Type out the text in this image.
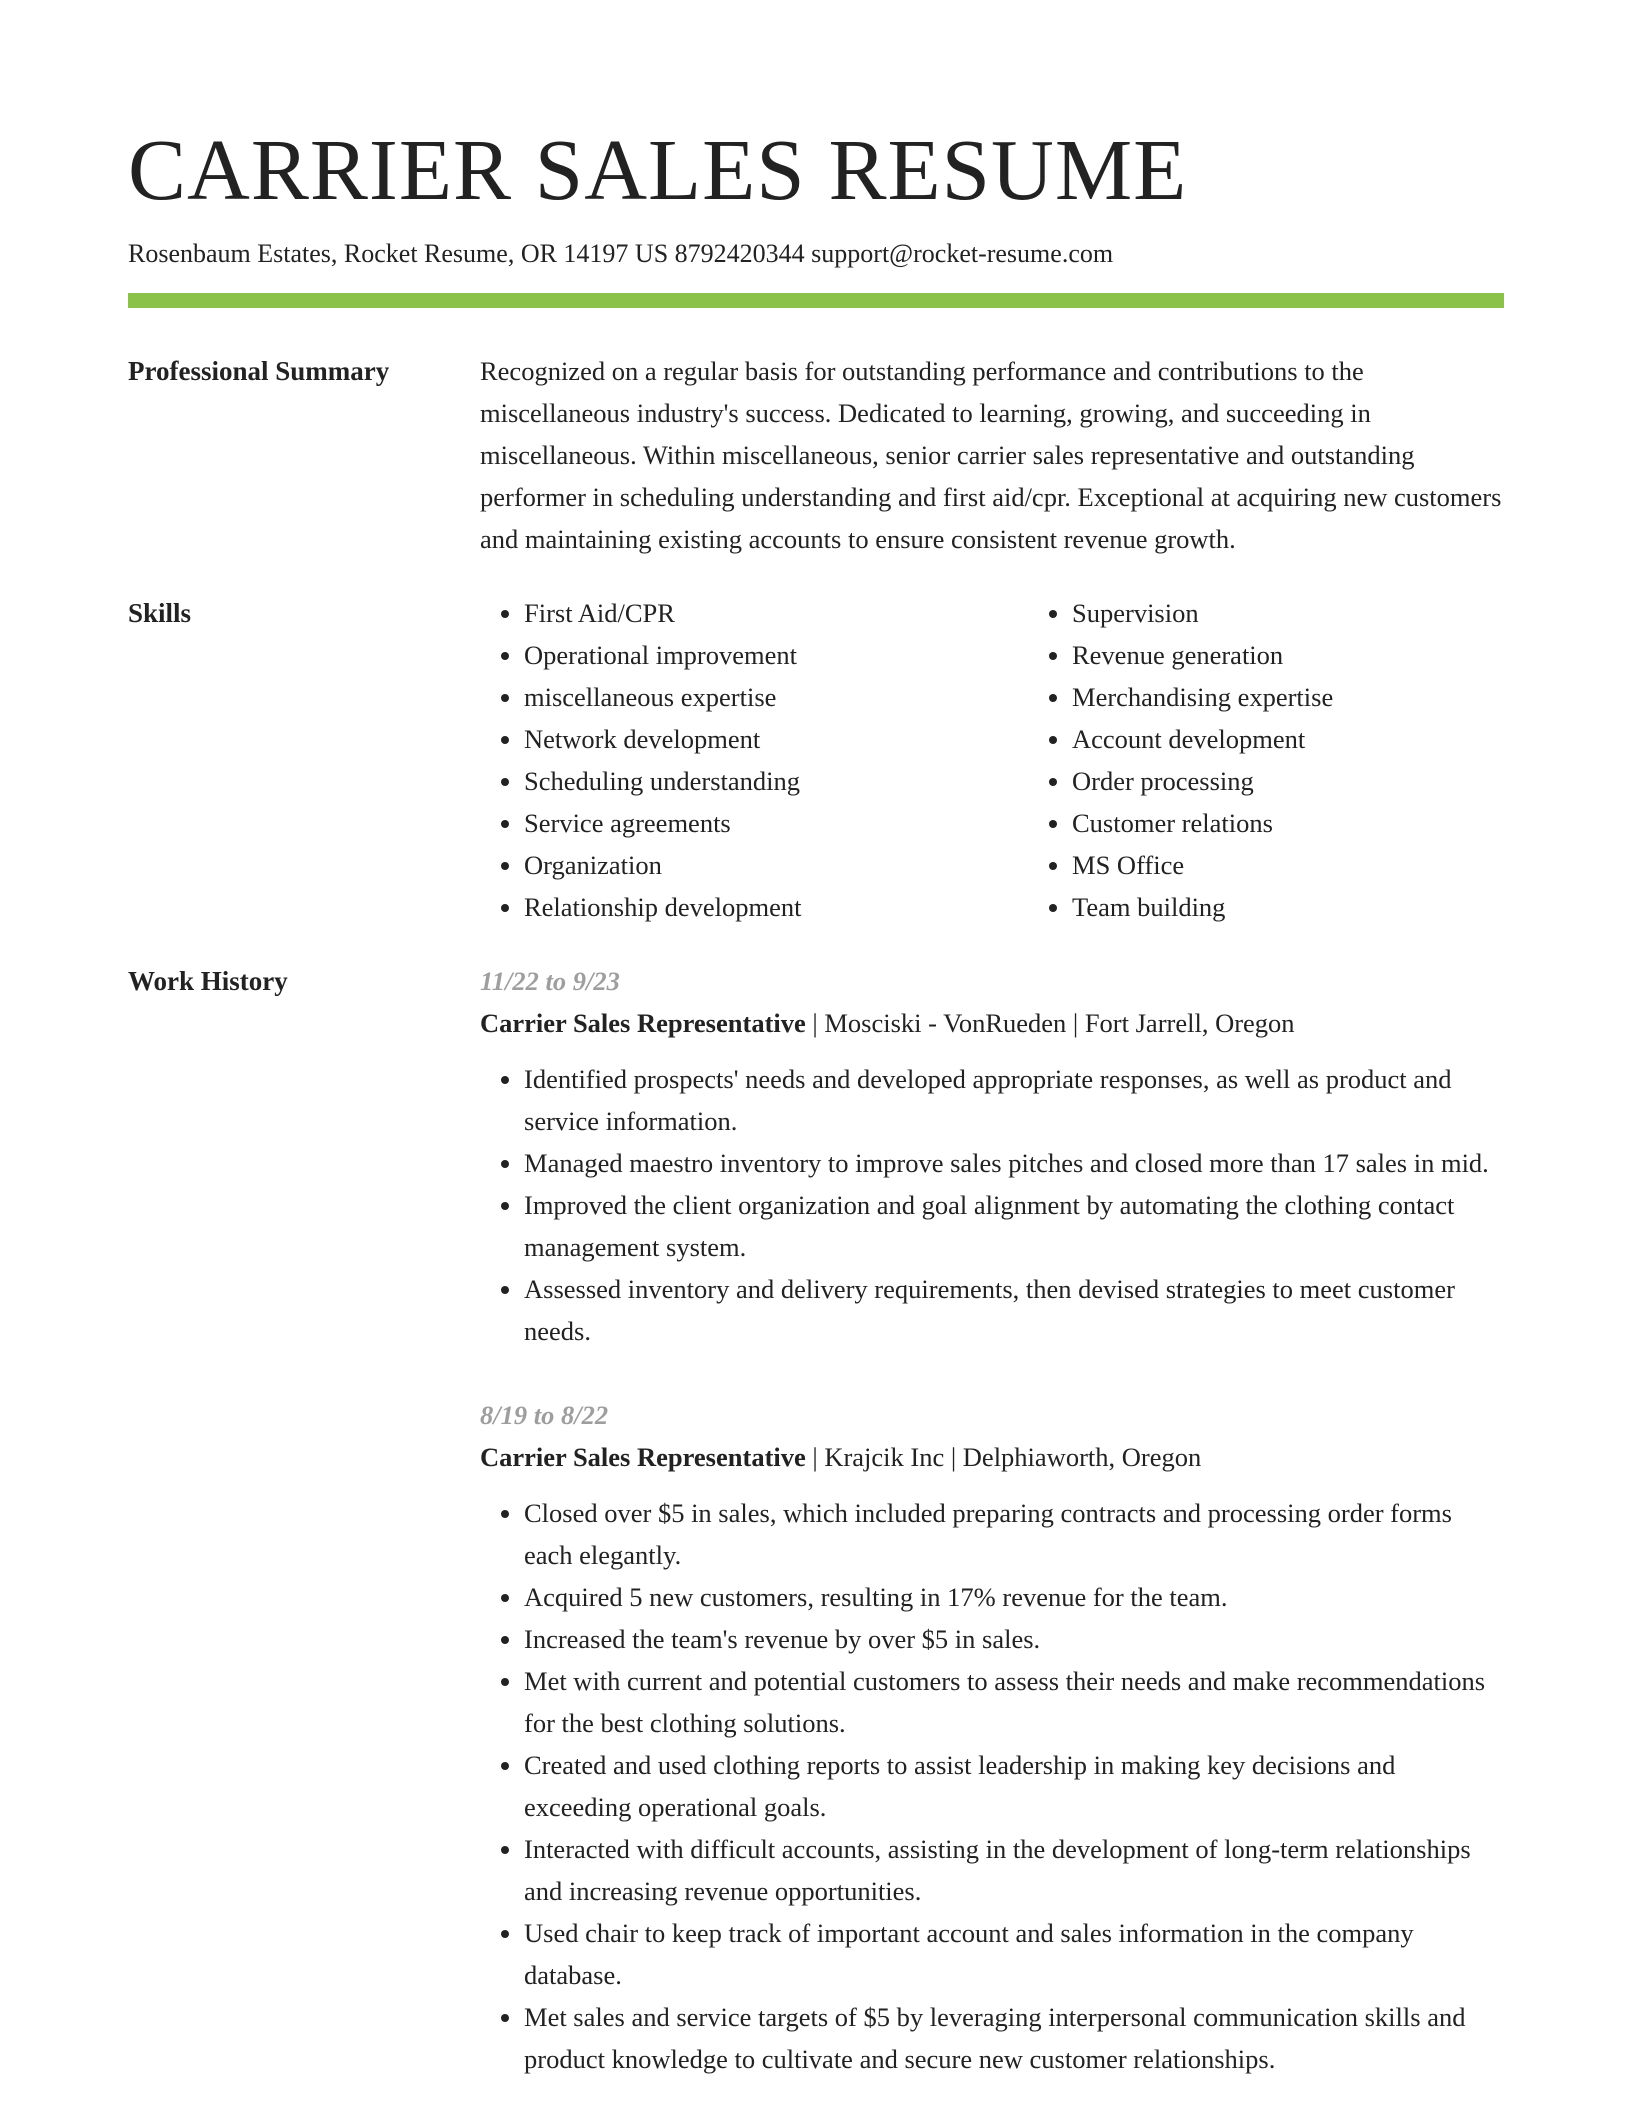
CARRIER SALES RESUME
Rosenbaum Estates, Rocket Resume, OR 14197 US 8792420344 support@rocket-resume.com
Professional Summary	Recognized on a regular basis for outstanding performance and contributions to the miscellaneous industry's success. Dedicated to learning, growing, and succeeding in miscellaneous. Within miscellaneous, senior carrier sales representative and outstanding performer in scheduling understanding and first aid/cpr. Exceptional at acquiring new customers and maintaining existing accounts to ensure consistent revenue growth.

Skills
•	First Aid/CPR
• Operational improvement
• miscellaneous expertise
• Network development
• Scheduling understanding
• Service agreements
• Organization
• Relationship development
• Supervision
• Revenue generation
• Merchandising expertise
• Account development
• Order processing
• Customer relations
• MS Office
• Team building
Work History	11/22 to 9/23
Carrier Sales Representative | Mosciski - VonRueden | Fort Jarrell, Oregon
• Identified prospects' needs and developed appropriate responses, as well as product and service information.
• Managed maestro inventory to improve sales pitches and closed more than 17 sales in mid.
• Improved the client organization and goal alignment by automating the clothing contact management system.
• Assessed inventory and delivery requirements, then devised strategies to meet customer needs.
8/19 to 8/22
Carrier Sales Representative | Krajcik Inc | Delphiaworth, Oregon
• Closed over $5 in sales, which included preparing contracts and processing order forms each elegantly.
• Acquired 5 new customers, resulting in 17% revenue for the team.
• Increased the team's revenue by over $5 in sales.
• Met with current and potential customers to assess their needs and make recommendations for the best clothing solutions.
• Created and used clothing reports to assist leadership in making key decisions and exceeding operational goals.
• Interacted with difficult accounts, assisting in the development of long-term relationships and increasing revenue opportunities.
• Used chair to keep track of important account and sales information in the company database.
• Met sales and service targets of $5 by leveraging interpersonal communication skills and product knowledge to cultivate and secure new customer relationships.
